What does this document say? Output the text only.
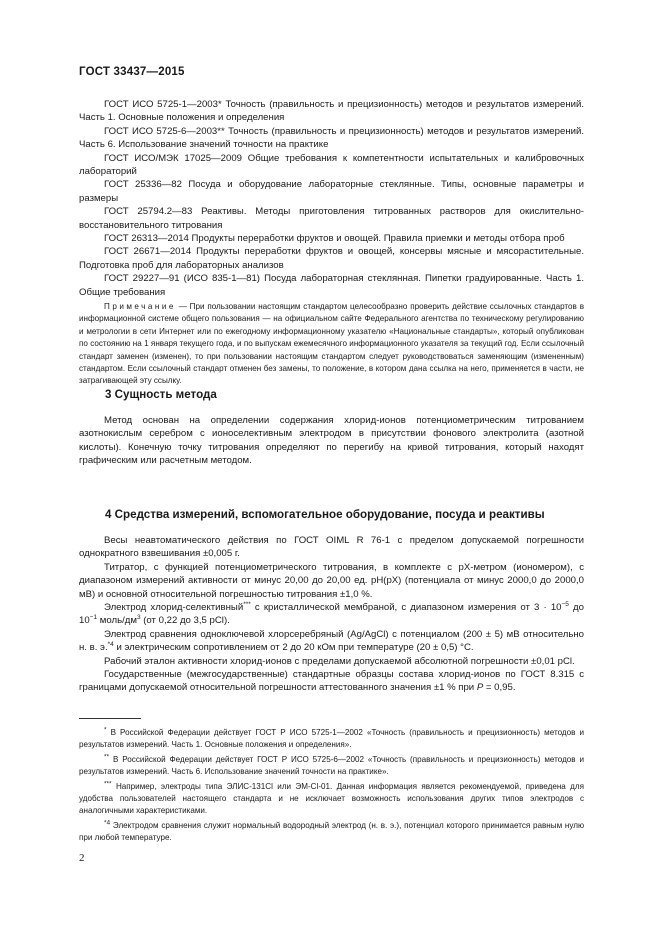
ГОСТ 33437—2015

ГОСТ ИСО 5725-1—2003* Точность (правильность и прецизионность) методов и результатов измерений. Часть 1. Основные положения и определения

ГОСТ ИСО 5725-6—2003** Точность (правильность и прецизионность) методов и результатов измерений. Часть 6. Использование значений точности на практике

ГОСТ ИСО/МЭК 17025—2009 Общие требования к компетентности испытательных и калибровочных лабораторий

ГОСТ 25336—82 Посуда и оборудование лабораторные стеклянные. Типы, основные параметры и размеры

ГОСТ 25794.2—83 Реактивы. Методы приготовления титрованных растворов для окислительно-восстановительного титрования

ГОСТ 26313—2014 Продукты переработки фруктов и овощей. Правила приемки и методы отбора проб

ГОСТ 26671—2014 Продукты переработки фруктов и овощей, консервы мясные и мясорастительные. Подготовка проб для лабораторных анализов

ГОСТ 29227—91 (ИСО 835-1—81) Посуда лабораторная стеклянная. Пипетки градуированные. Часть 1. Общие требования

Примечание — При пользовании настоящим стандартом целесообразно проверить действие ссылочных стандартов в информационной системе общего пользования — на официальном сайте Федерального агентства по техническому регулированию и метрологии в сети Интернет или по ежегодному информационному указателю «Национальные стандарты», который опубликован по состоянию на 1 января текущего года, и по выпускам ежемесячного информационного указателя за текущий год. Если ссылочный стандарт заменен (изменен), то при пользовании настоящим стандартом следует руководствоваться заменяющим (измененным) стандартом. Если ссылочный стандарт отменен без замены, то положение, в котором дана ссылка на него, применяется в части, не затрагивающей эту ссылку.

3 Сущность метода

Метод основан на определении содержания хлорид-ионов потенциометрическим титрованием азотнокислым серебром с ионоселективным электродом в присутствии фонового электролита (азотной кислоты). Конечную точку титрования определяют по перегибу на кривой титрования, который находят графическим или расчетным методом.

4 Средства измерений, вспомогательное оборудование, посуда и реактивы

Весы неавтоматического действия по ГОСТ OIML R 76-1 с пределом допускаемой погрешности однократного взвешивания ±0,005 г.

Титратор, с функцией потенциометрического титрования, в комплекте с рХ-метром (иономером), с диапазоном измерений активности от минус 20,00 до 20,00 ед. рН(рХ) (потенциала от минус 2000,0 до 2000,0 мВ) и основной относительной погрешностью титрования ±1,0 %.

Электрод хлорид-селективный*** с кристаллической мембраной, с диапазоном измерения от $3 \cdot 10^{-5}$ до $10^{-1}$ моль/$дм^3$ (от 0,22 до 3,5 pCl).

Электрод сравнения одноключевой хлорсеребряный (Ag/AgCl) с потенциалом (200 ± 5) мВ относительно н. в. э.$^{*4}$ и электрическим сопротивлением от 2 до 20 кОм при температуре (20 ± 0,5) °С.

Рабочий эталон активности хлорид-ионов с пределами допускаемой абсолютной погрешности ±0,01 pCl.

Государственные (межгосударственные) стандартные образцы состава хлорид-ионов по ГОСТ 8.315 с границами допускаемой относительной погрешности аттестованного значения ±1 % при Р = 0,95.

* В Российской Федерации действует ГОСТ Р ИСО 5725-1—2002 «Точность (правильность и прецизионность) методов и результатов измерений. Часть 1. Основные положения и определения».

** В Российской Федерации действует ГОСТ Р ИСО 5725-6—2002 «Точность (правильность и прецизионность) методов и результатов измерений. Часть 6. Использование значений точности на практике».

*** Например, электроды типа ЭЛИС-131Cl или ЭМ-Cl-01. Данная информация является рекомендуемой, приведена для удобства пользователей настоящего стандарта и не исключает возможность использования других типов электродов с аналогичными характеристиками.

$^{*4}$ Электродом сравнения служит нормальный водородный электрод (н. в. э.), потенциал которого принимается равным нулю при любой температуре.

2
